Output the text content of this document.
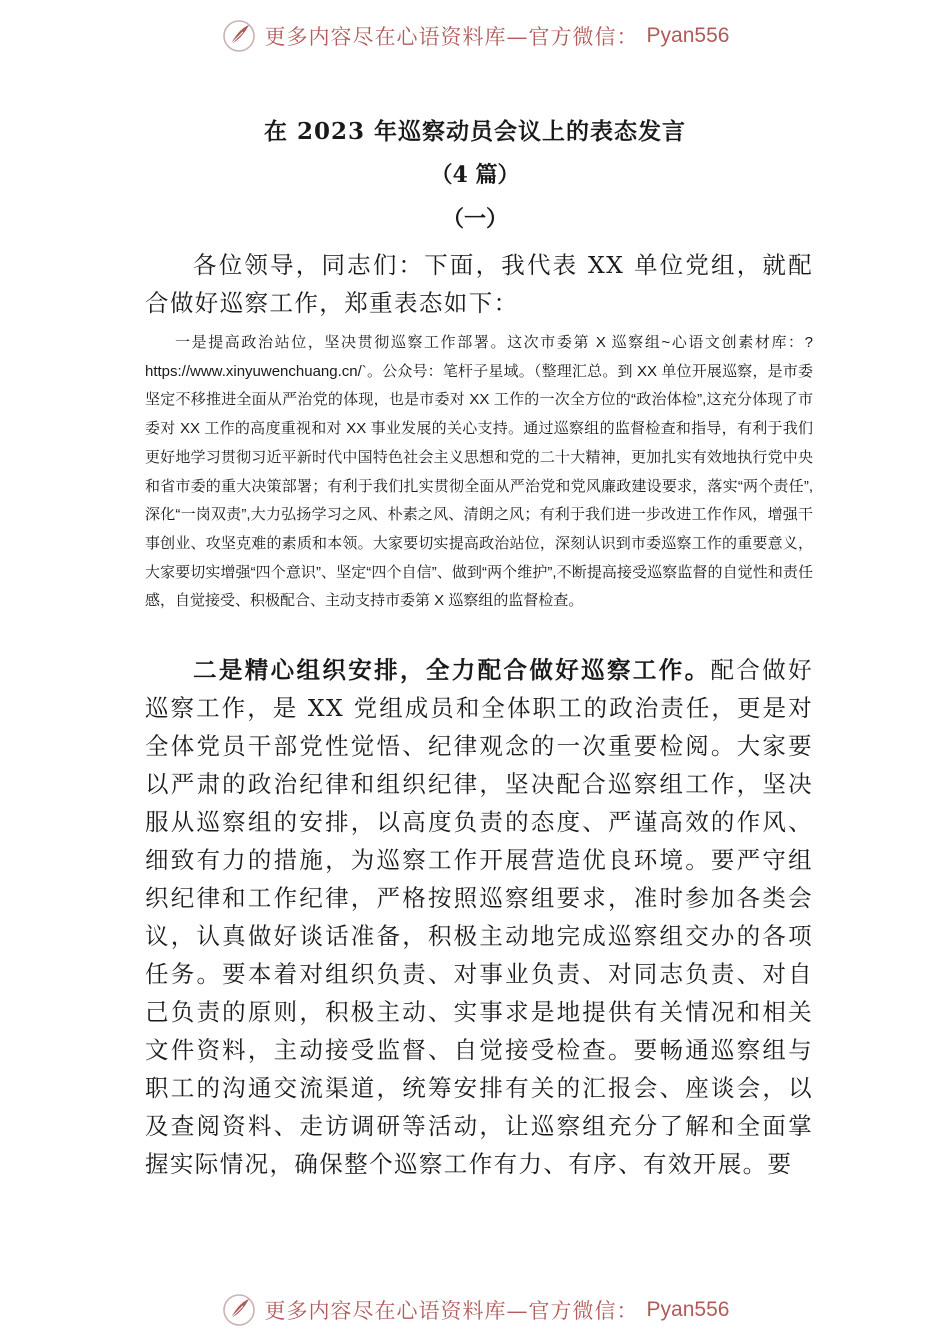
更多内容尽在心语资料库—官方微信： Pyan556
在 2023 年巡察动员会议上的表态发言
（4 篇）
（一）

各位领导，同志们：下面，我代表 XX 单位党组，就配合做好巡察工作，郑重表态如下：

一是提高政治站位，坚决贯彻巡察工作部署。这次市委第 X 巡察组~心语文创素材库：?https://www.xinyuwenchuang.cn/`。公众号：笔杆子星域。（整理汇总。到 XX 单位开展巡察，是市委坚定不移推进全面从严治党的体现，也是市委对 XX 工作的一次全方位的“政治体检”,这充分体现了市委对 XX 工作的高度重视和对 XX 事业发展的关心支持。通过巡察组的监督检查和指导，有利于我们更好地学习贯彻习近平新时代中国特色社会主义思想和党的二十大精神，更加扎实有效地执行党中央和省市委的重大决策部署；有利于我们扎实贯彻全面从严治党和党风廉政建设要求，落实“两个责任”,深化“一岗双责”,大力弘扬学习之风、朴素之风、清朗之风；有利于我们进一步改进工作作风，增强干事创业、攻坚克难的素质和本领。大家要切实提高政治站位，深刻认识到市委巡察工作的重要意义，大家要切实增强“四个意识”、坚定“四个自信”、做到“两个维护”,不断提高接受巡察监督的自觉性和责任感，自觉接受、积极配合、主动支持市委第 X 巡察组的监督检查。

二是精心组织安排，全力配合做好巡察工作。配合做好巡察工作，是 XX 党组成员和全体职工的政治责任，更是对全体党员干部党性觉悟、纪律观念的一次重要检阅。大家要以严肃的政治纪律和组织纪律，坚决配合巡察组工作，坚决服从巡察组的安排，以高度负责的态度、严谨高效的作风、细致有力的措施，为巡察工作开展营造优良环境。要严守组织纪律和工作纪律，严格按照巡察组要求，准时参加各类会议，认真做好谈话准备，积极主动地完成巡察组交办的各项任务。要本着对组织负责、对事业负责、对同志负责、对自己负责的原则，积极主动、实事求是地提供有关情况和相关文件资料，主动接受监督、自觉接受检查。要畅通巡察组与职工的沟通交流渠道，统筹安排有关的汇报会、座谈会，以及查阅资料、走访调研等活动，让巡察组充分了解和全面掌握实际情况，确保整个巡察工作有力、有序、有效开展。要

更多内容尽在心语资料库—官方微信： Pyan556
